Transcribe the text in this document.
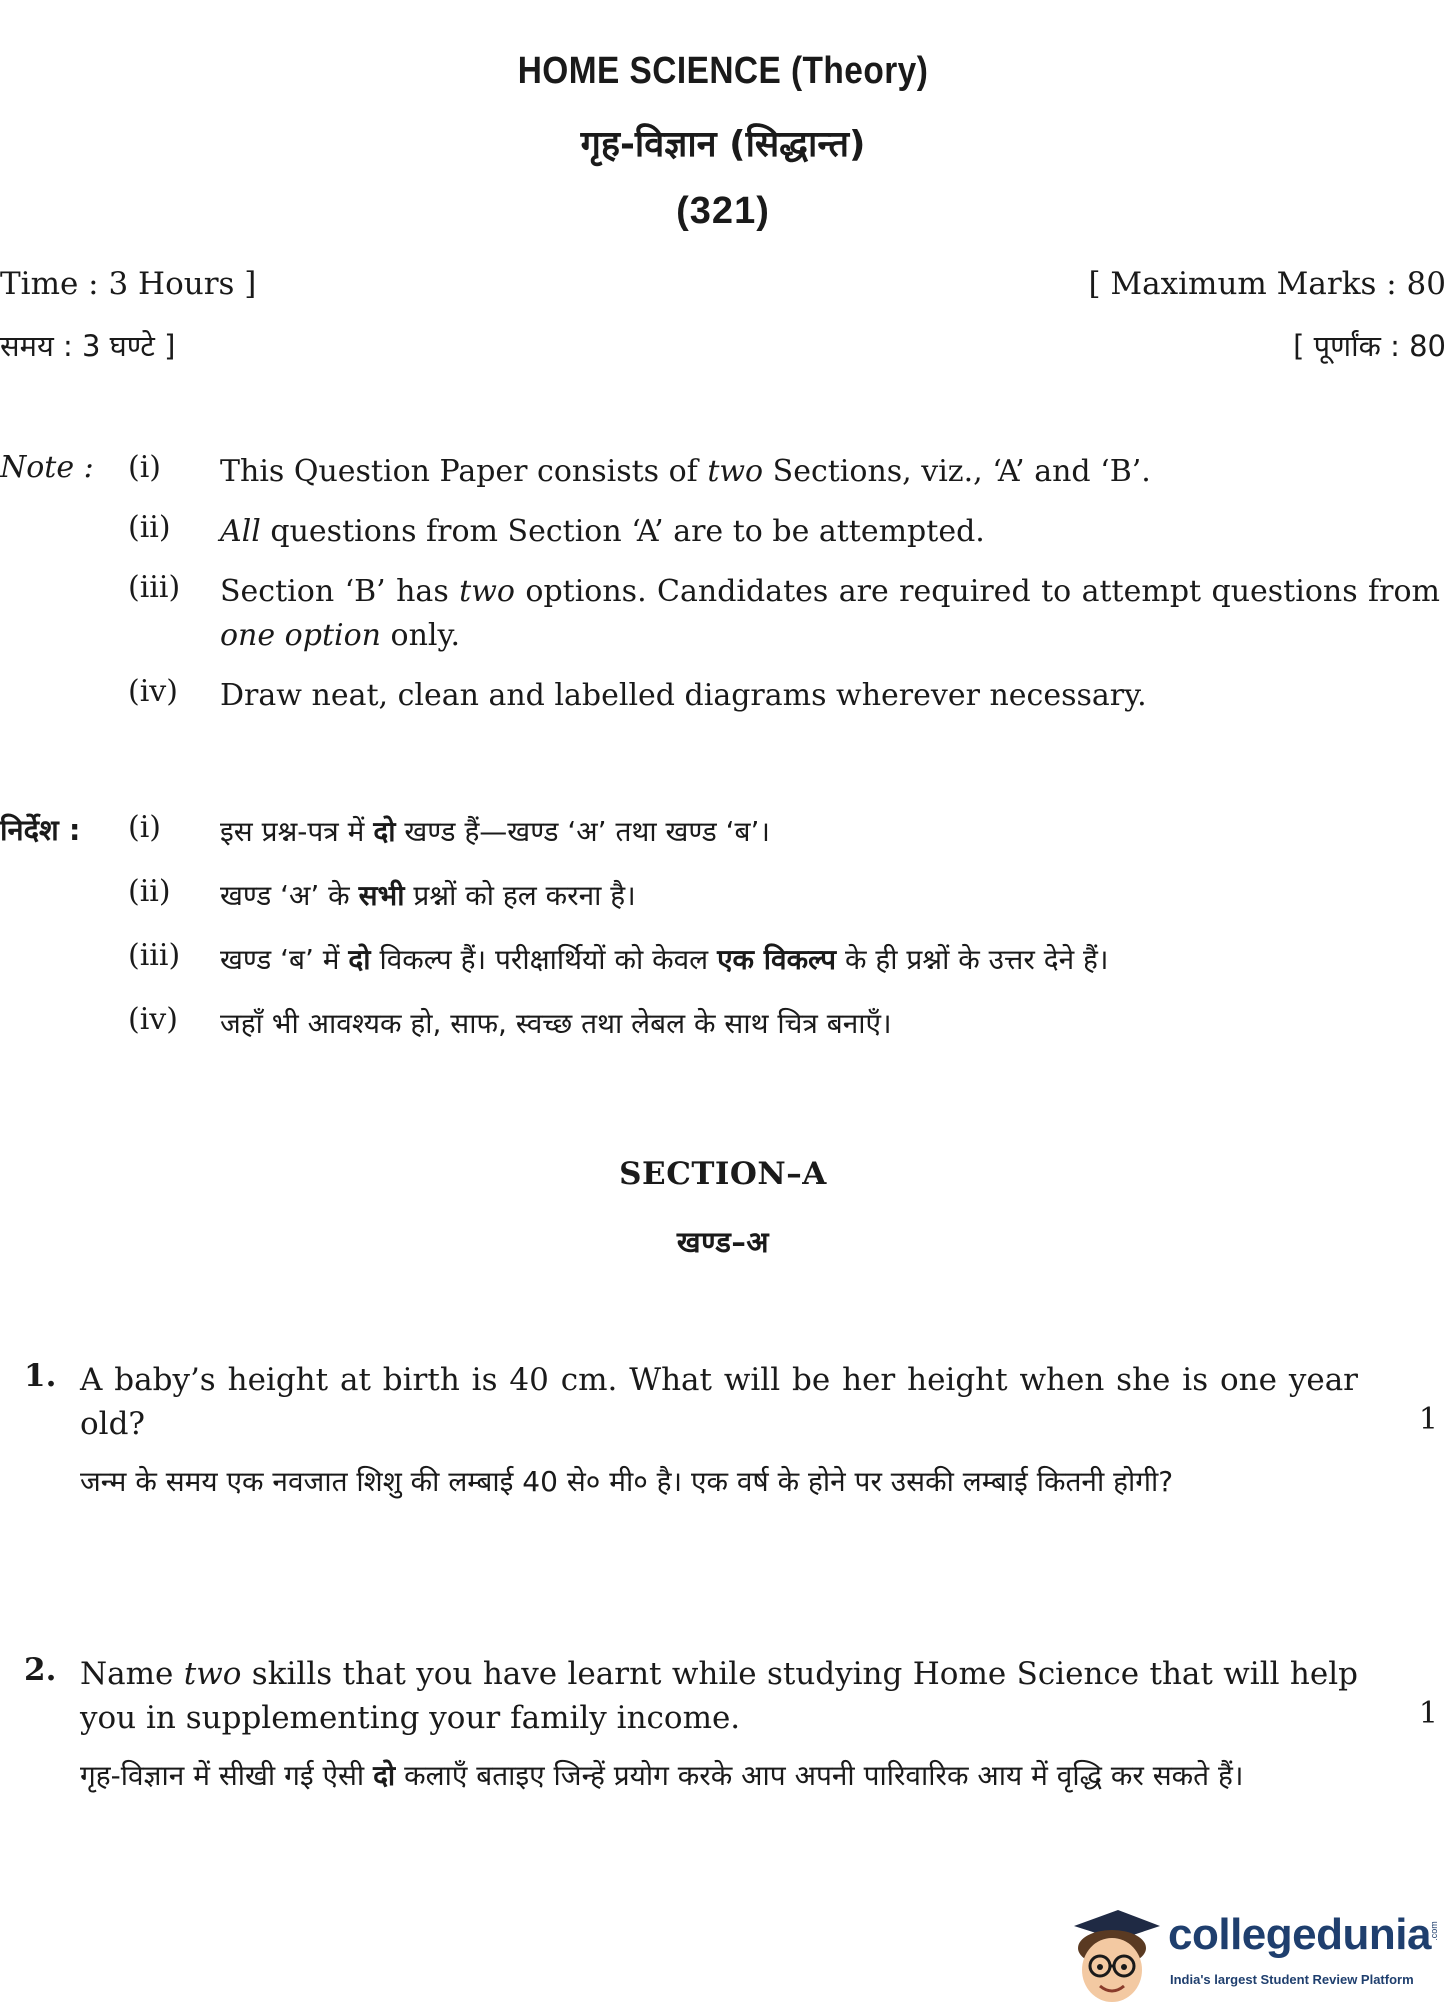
HOME SCIENCE (Theory)
गृह-विज्ञान (सिद्धान्त)
(321)
Time : 3 Hours ]	[ Maximum Marks : 80
समय : 3 घण्टे ]	[ पूर्णांक : 80
Note : (i) This Question Paper consists of two Sections, viz., ‘A’ and ‘B’.
(ii) All questions from Section ‘A’ are to be attempted.
(iii) Section ‘B’ has two options. Candidates are required to attempt questions from one option only.
(iv) Draw neat, clean and labelled diagrams wherever necessary.
निर्देश : (i) इस प्रश्न-पत्र में दो खण्ड हैं—खण्ड ‘अ’ तथा खण्ड ‘ब’।
(ii) खण्ड ‘अ’ के सभी प्रश्नों को हल करना है।
(iii) खण्ड ‘ब’ में दो विकल्प हैं। परीक्षार्थियों को केवल एक विकल्प के ही प्रश्नों के उत्तर देने हैं।
(iv) जहाँ भी आवश्यक हो, साफ, स्वच्छ तथा लेबल के साथ चित्र बनाएँ।
SECTION–A
खण्ड–अ
1. A baby’s height at birth is 40 cm. What will be her height when she is one year old?	1
जन्म के समय एक नवजात शिशु की लम्बाई 40 से० मी० है। एक वर्ष के होने पर उसकी लम्बाई कितनी होगी?
2. Name two skills that you have learnt while studying Home Science that will help you in supplementing your family income.	1
गृह-विज्ञान में सीखी गई ऐसी दो कलाएँ बताइए जिन्हें प्रयोग करके आप अपनी पारिवारिक आय में वृद्धि कर सकते हैं।
collegedunia
.com
India's largest Student Review Platform
